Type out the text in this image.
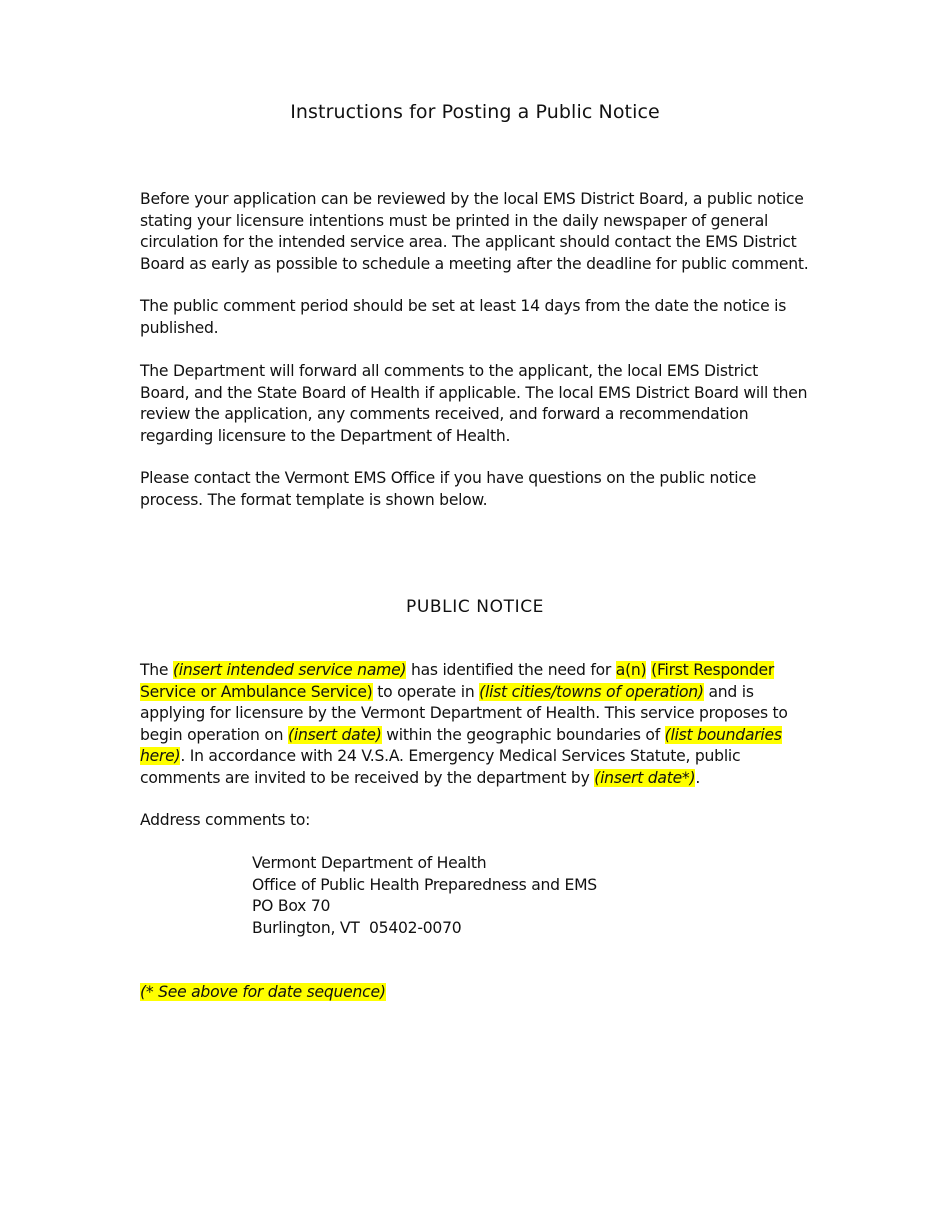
Instructions for Posting a Public Notice

Before your application can be reviewed by the local EMS District Board, a public notice stating your licensure intentions must be printed in the daily newspaper of general circulation for the intended service area. The applicant should contact the EMS District Board as early as possible to schedule a meeting after the deadline for public comment.

The public comment period should be set at least 14 days from the date the notice is published.

The Department will forward all comments to the applicant, the local EMS District Board, and the State Board of Health if applicable. The local EMS District Board will then review the application, any comments received, and forward a recommendation regarding licensure to the Department of Health.

Please contact the Vermont EMS Office if you have questions on the public notice process. The format template is shown below.

PUBLIC NOTICE
The (insert intended service name) has identified the need for a(n) (First Responder Service or Ambulance Service) to operate in (list cities/towns of operation) and is applying for licensure by the Vermont Department of Health. This service proposes to begin operation on (insert date) within the geographic boundaries of (list boundaries here). In accordance with 24 V.S.A. Emergency Medical Services Statute, public comments are invited to be received by the department by (insert date*).
Address comments to:
Vermont Department of Health
Office of Public Health Preparedness and EMS
PO Box 70
Burlington, VT  05402-0070
(* See above for date sequence)
